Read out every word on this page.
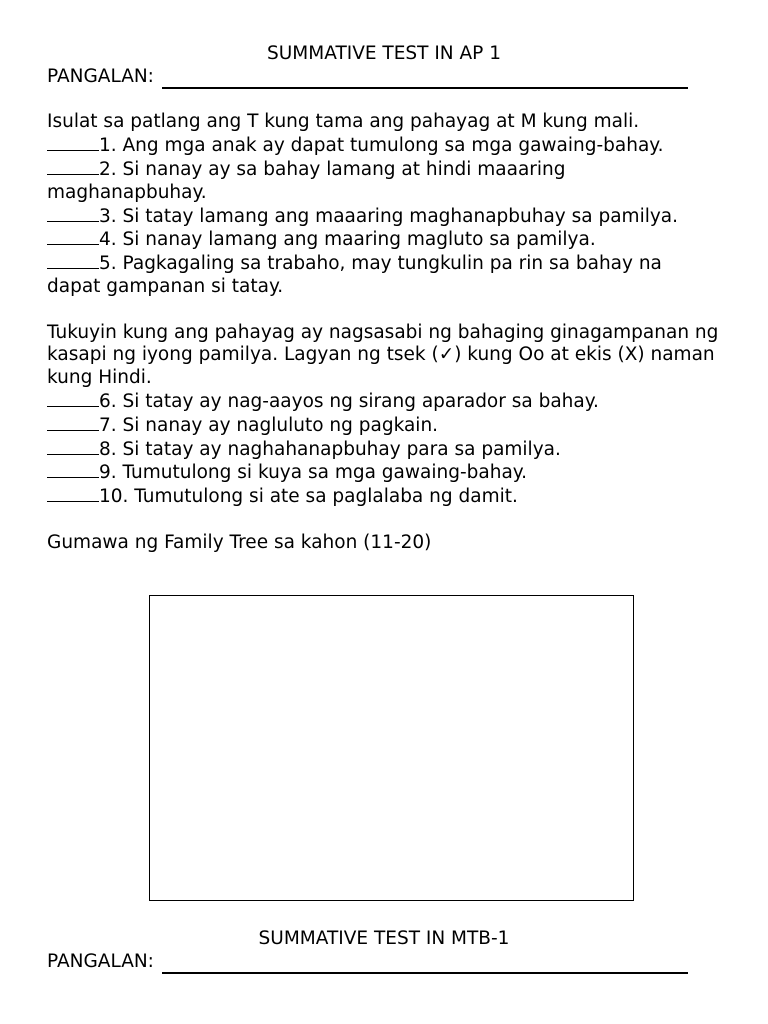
SUMMATIVE TEST IN AP 1

PANGALAN:

Isulat sa patlang ang T kung tama ang pahayag at M kung mali.

1. Ang mga anak ay dapat tumulong sa mga gawaing-bahay.

2. Si nanay ay sa bahay lamang at hindi maaaring maghanapbuhay.

3. Si tatay lamang ang maaaring maghanapbuhay sa pamilya.

4. Si nanay lamang ang maaring magluto sa pamilya.

5. Pagkagaling sa trabaho, may tungkulin pa rin sa bahay na dapat gampanan si tatay.

Tukuyin kung ang pahayag ay nagsasabi ng bahaging ginagampanan ng kasapi ng iyong pamilya. Lagyan ng tsek (✓) kung Oo at ekis (X) naman kung Hindi.

6. Si tatay ay nag-aayos ng sirang aparador sa bahay.

7. Si nanay ay nagluluto ng pagkain.

8. Si tatay ay naghahanapbuhay para sa pamilya.

9. Tumutulong si kuya sa mga gawaing-bahay.

10. Tumutulong si ate sa paglalaba ng damit.

Gumawa ng Family Tree sa kahon (11-20)

SUMMATIVE TEST IN MTB-1

PANGALAN:
